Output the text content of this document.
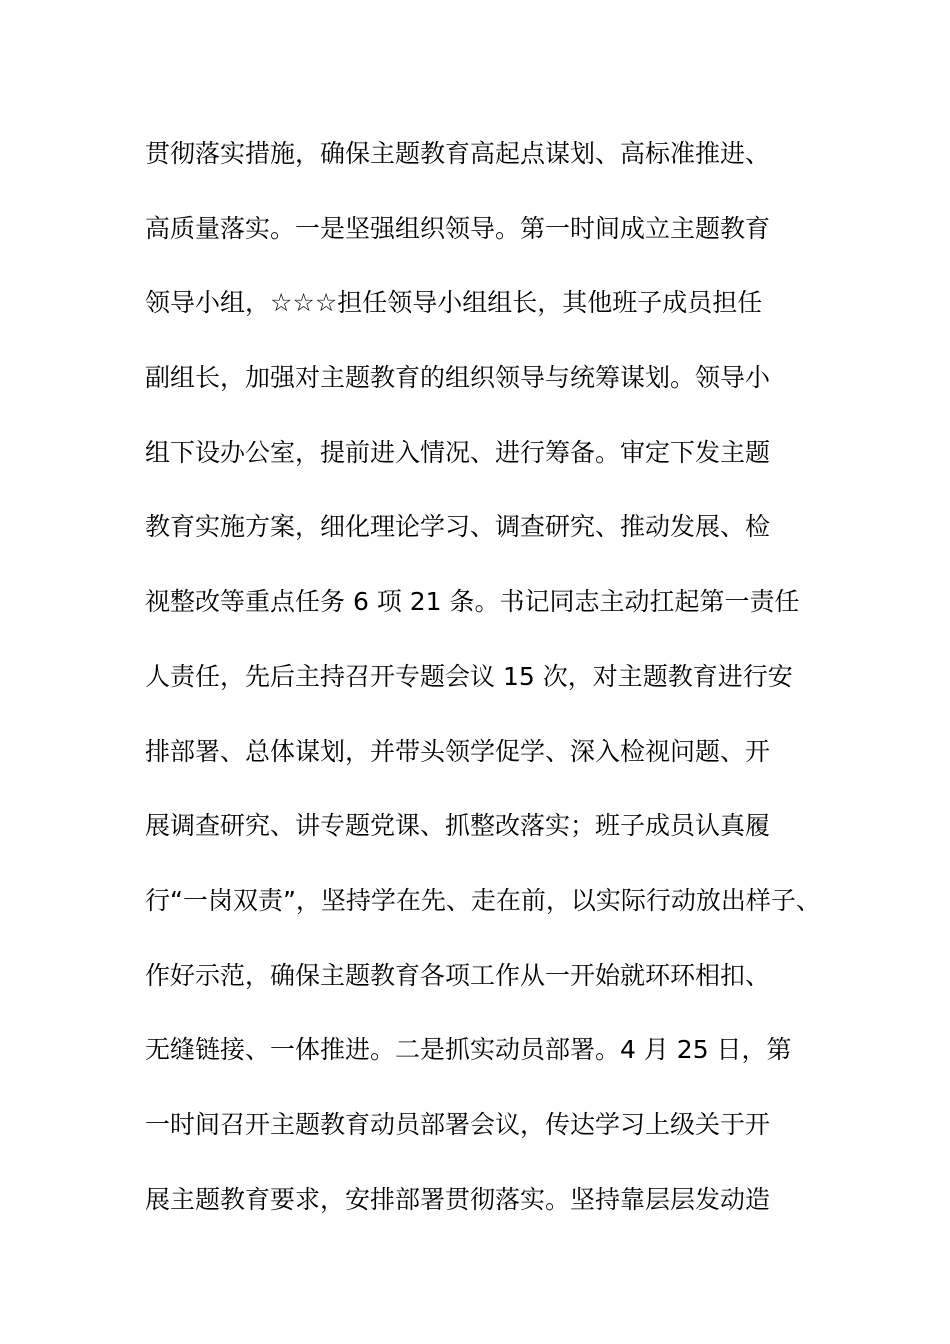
贯彻落实措施，确保主题教育高起点谋划、高标准推进、
高质量落实。一是坚强组织领导。第一时间成立主题教育
领导小组，☆☆☆担任领导小组组长，其他班子成员担任
副组长，加强对主题教育的组织领导与统筹谋划。领导小
组下设办公室，提前进入情况、进行筹备。审定下发主题
教育实施方案，细化理论学习、调查研究、推动发展、检
视整改等重点任务 6 项 21 条。书记同志主动扛起第一责任
人责任，先后主持召开专题会议 15 次，对主题教育进行安
排部署、总体谋划，并带头领学促学、深入检视问题、开
展调查研究、讲专题党课、抓整改落实；班子成员认真履
行“一岗双责”，坚持学在先、走在前，以实际行动放出样子、
作好示范，确保主题教育各项工作从一开始就环环相扣、
无缝链接、一体推进。二是抓实动员部署。4 月 25 日，第
一时间召开主题教育动员部署会议，传达学习上级关于开
展主题教育要求，安排部署贯彻落实。坚持靠层层发动造
